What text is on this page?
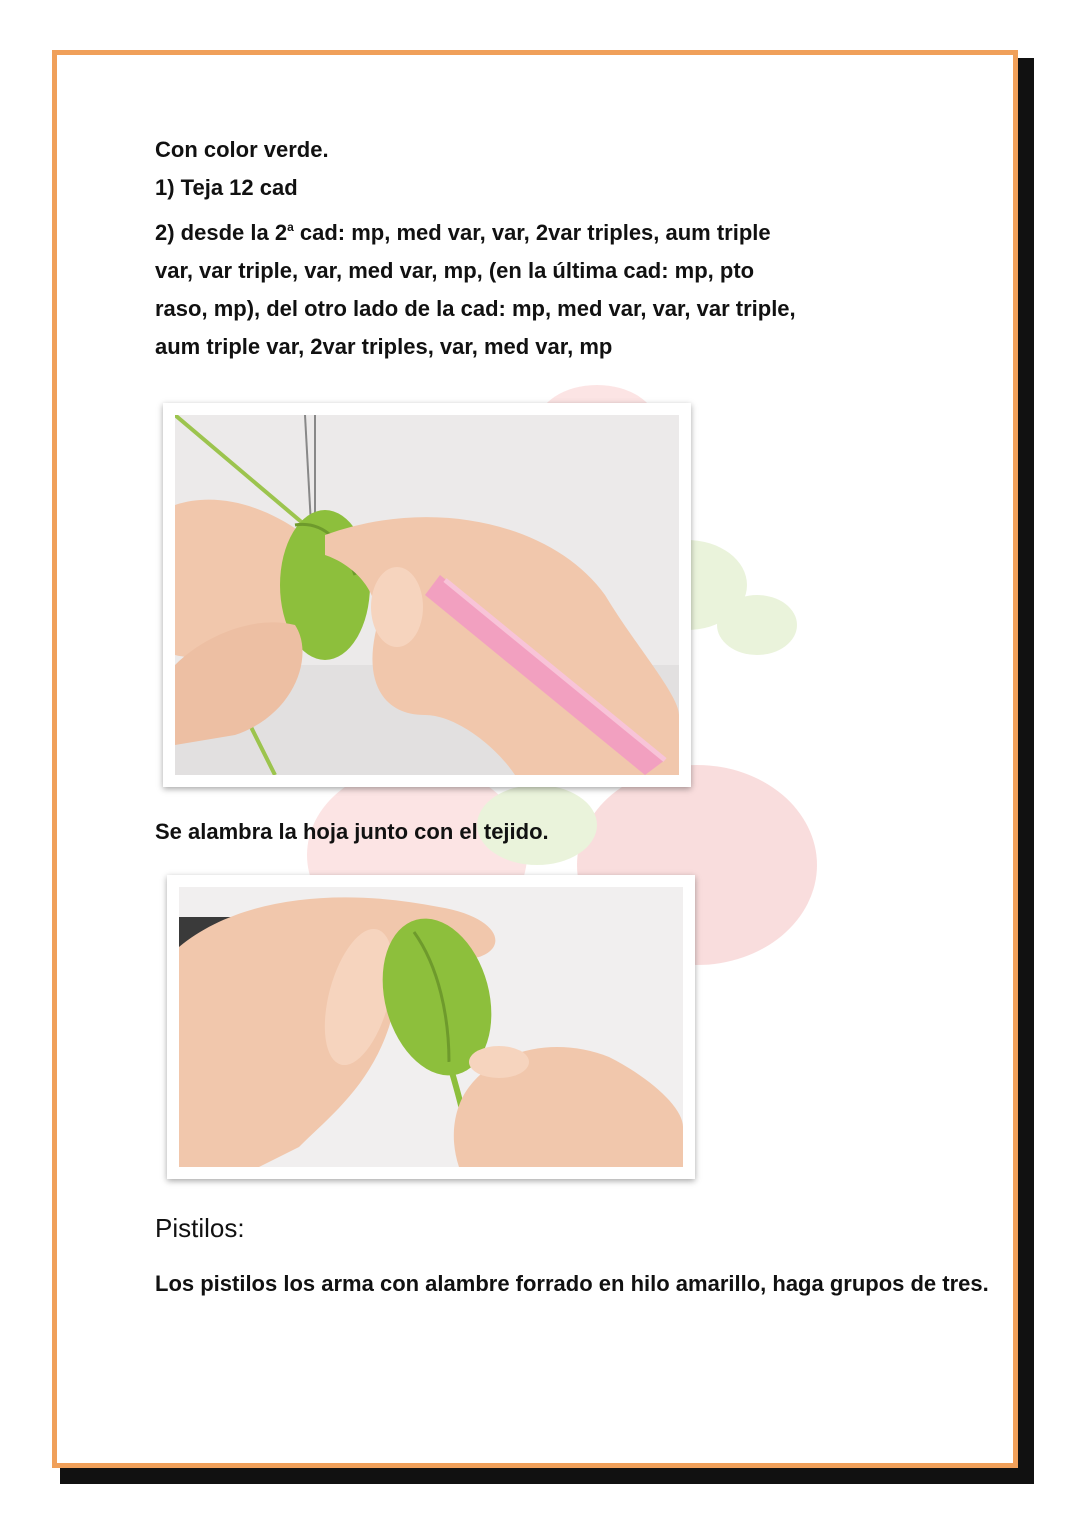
Con color verde.

1) Teja 12 cad

2) desde la 2$^a$ cad: mp, med var, var, 2var triples, aum triple

var, var triple, var, med var, mp, (en la última cad: mp, pto

raso, mp), del otro lado de la cad: mp, med var, var, var triple,

aum triple var, 2var triples, var, med var, mp

Se alambra la hoja junto con el tejido.
Pistilos:
Los pistilos los arma con alambre forrado en hilo amarillo, haga grupos de tres.
